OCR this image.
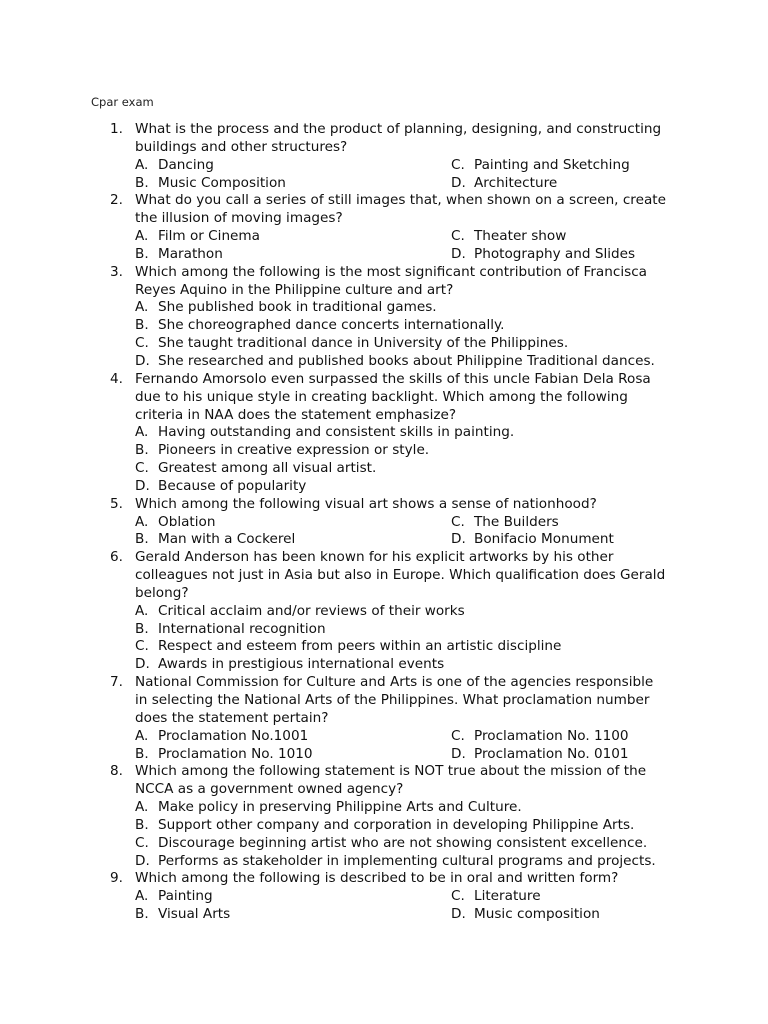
Cpar exam
1. What is the process and the product of planning, designing, and constructing
buildings and other structures?
A. Dancing	C. Painting and Sketching
B. Music Composition	D. Architecture
2. What do you call a series of still images that, when shown on a screen, create
the illusion of moving images?
A. Film or Cinema	C. Theater show
B. Marathon	D. Photography and Slides
3. Which among the following is the most significant contribution of Francisca
Reyes Aquino in the Philippine culture and art?
A. She published book in traditional games.
B. She choreographed dance concerts internationally.
C. She taught traditional dance in University of the Philippines.
D. She researched and published books about Philippine Traditional dances.
4. Fernando Amorsolo even surpassed the skills of this uncle Fabian Dela Rosa
due to his unique style in creating backlight. Which among the following
criteria in NAA does the statement emphasize?
A. Having outstanding and consistent skills in painting.
B. Pioneers in creative expression or style.
C. Greatest among all visual artist.
D. Because of popularity
5. Which among the following visual art shows a sense of nationhood?
A. Oblation	C. The Builders
B. Man with a Cockerel	D. Bonifacio Monument
6. Gerald Anderson has been known for his explicit artworks by his other
colleagues not just in Asia but also in Europe. Which qualification does Gerald
belong?
A. Critical acclaim and/or reviews of their works
B. International recognition
C. Respect and esteem from peers within an artistic discipline
D. Awards in prestigious international events
7. National Commission for Culture and Arts is one of the agencies responsible
in selecting the National Arts of the Philippines. What proclamation number
does the statement pertain?
A. Proclamation No.1001	C. Proclamation No. 1100
B. Proclamation No. 1010	D. Proclamation No. 0101
8. Which among the following statement is NOT true about the mission of the
NCCA as a government owned agency?
A. Make policy in preserving Philippine Arts and Culture.
B. Support other company and corporation in developing Philippine Arts.
C. Discourage beginning artist who are not showing consistent excellence.
D. Performs as stakeholder in implementing cultural programs and projects.
9. Which among the following is described to be in oral and written form?
A. Painting	C. Literature
B. Visual Arts	D. Music composition
